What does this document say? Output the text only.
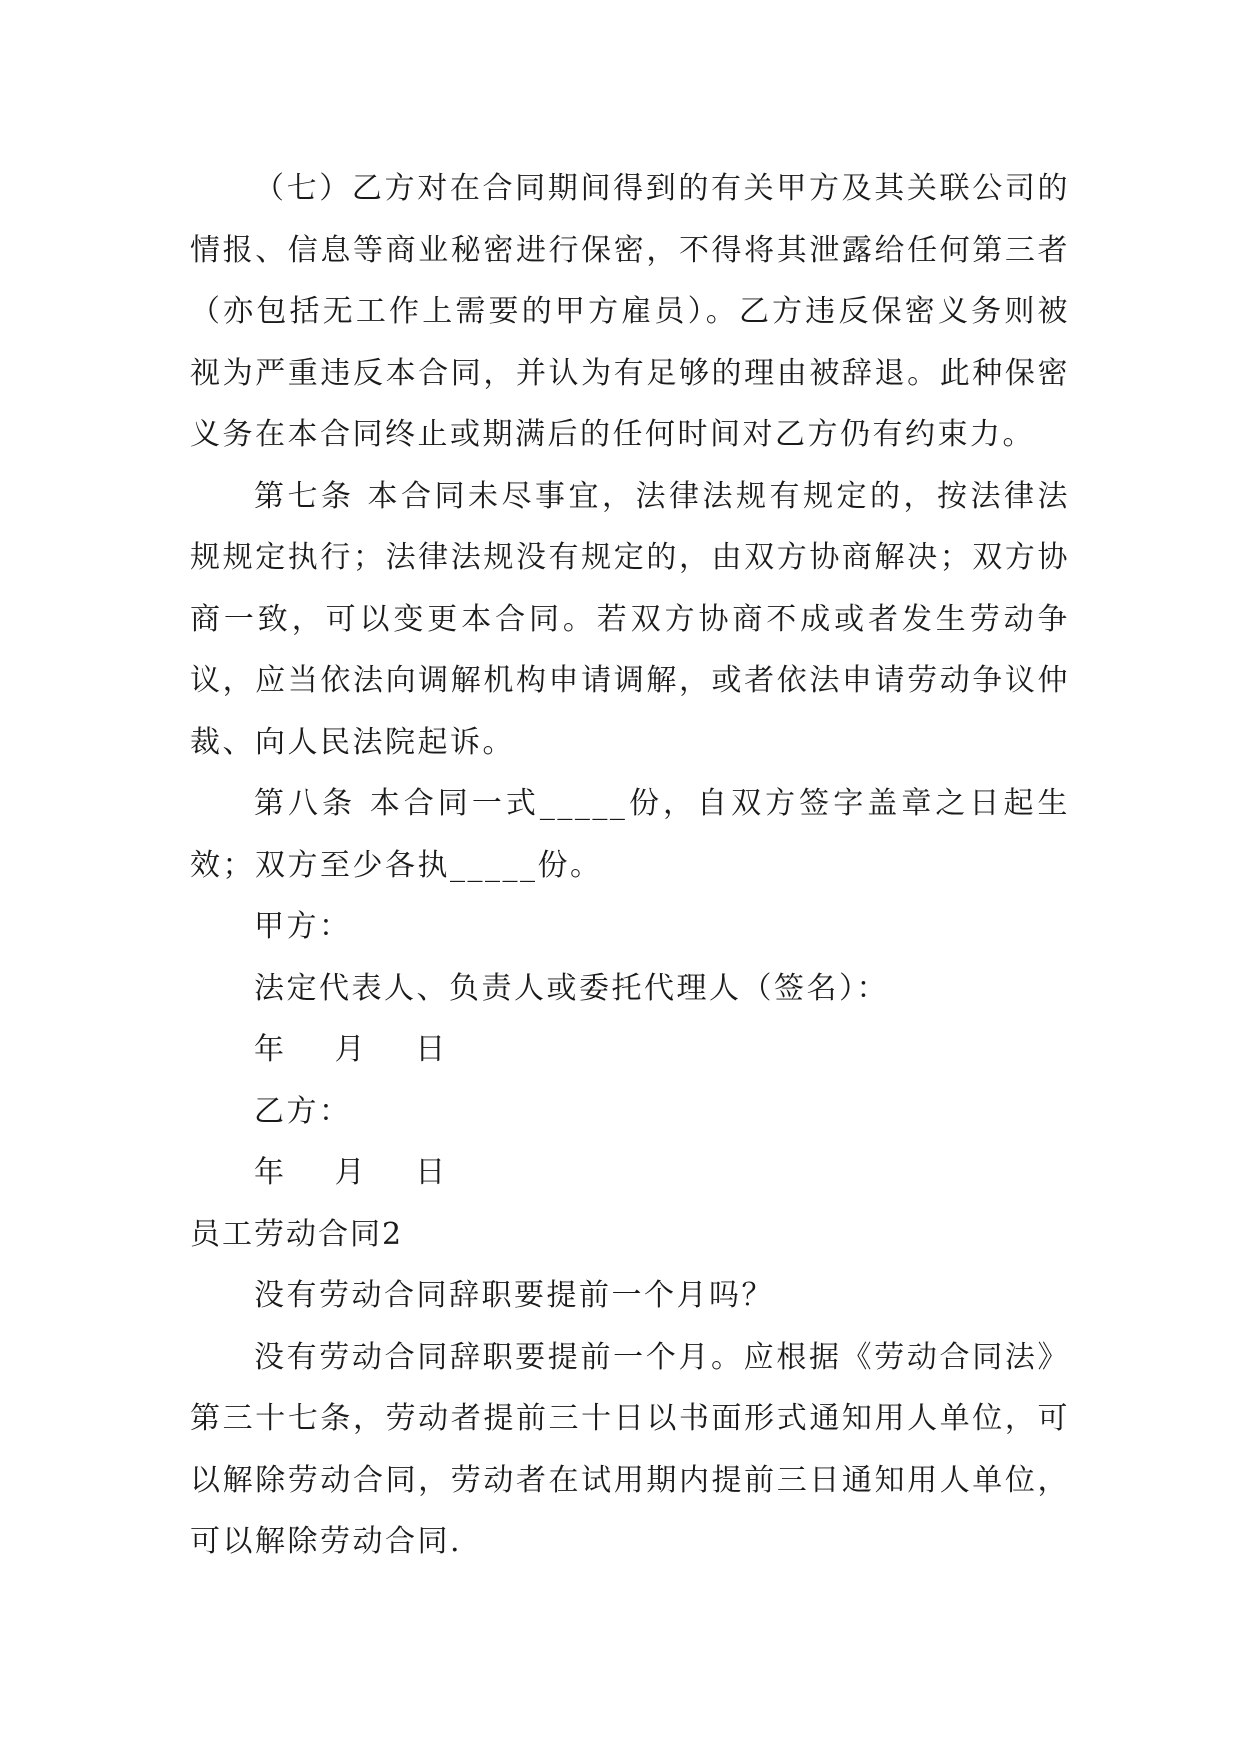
（七）乙方对在合同期间得到的有关甲方及其关联公司的情报、信息等商业秘密进行保密，不得将其泄露给任何第三者（亦包括无工作上需要的甲方雇员）。乙方违反保密义务则被视为严重违反本合同，并认为有足够的理由被辞退。此种保密义务在本合同终止或期满后的任何时间对乙方仍有约束力。

第七条 本合同未尽事宜，法律法规有规定的，按法律法规规定执行；法律法规没有规定的，由双方协商解决；双方协商一致，可以变更本合同。若双方协商不成或者发生劳动争议，应当依法向调解机构申请调解，或者依法申请劳动争议仲裁、向人民法院起诉。

第八条 本合同一式_____份，自双方签字盖章之日起生效；双方至少各执_____份。

甲方：

法定代表人、负责人或委托代理人（签名）：

年    月    日

乙方：

年    月    日

员工劳动合同2

没有劳动合同辞职要提前一个月吗？

没有劳动合同辞职要提前一个月。应根据《劳动合同法》第三十七条，劳动者提前三十日以书面形式通知用人单位，可以解除劳动合同，劳动者在试用期内提前三日通知用人单位，可以解除劳动合同.
